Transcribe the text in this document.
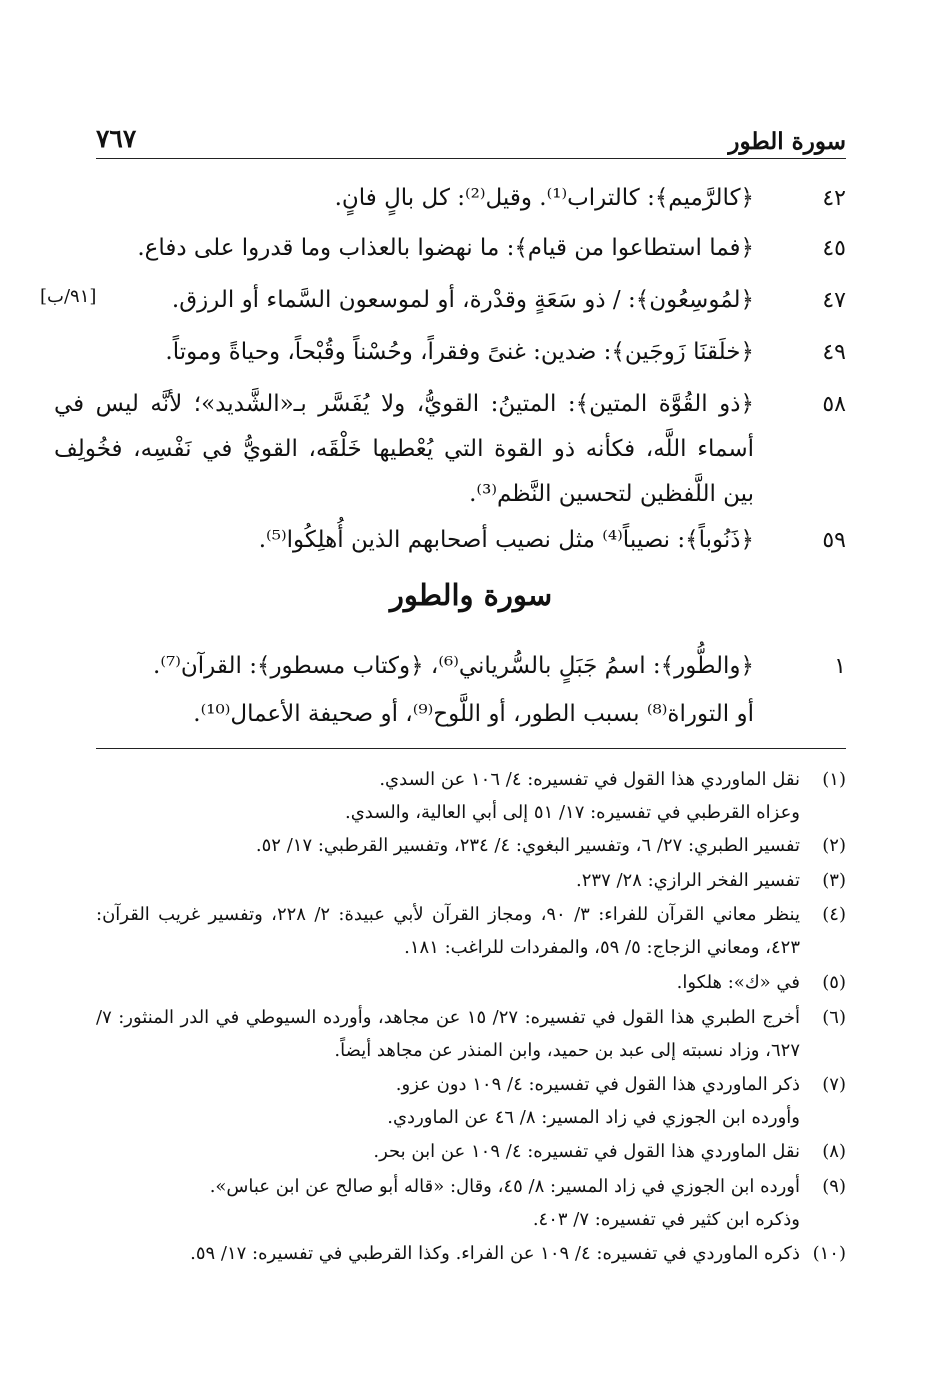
سورة الطور
٧٦٧
٤٢
﴿كالرَّميم﴾: كالتراب⁽¹⁾. وقيل⁽²⁾: كل بالٍ فانٍ.
٤٥
﴿فما استطاعوا من قيام﴾: ما نهضوا بالعذاب وما قدروا على دفاع.
٤٧
﴿لمُوسِعُون﴾: / ذو سَعَةٍ وقدْرة، أو لموسعون السَّماء أو الرزق.
[٩١/ب]
٤٩
﴿خلَقنَا زَوجَين﴾: ضدين: غنىً وفقراً، وحُسْناً وقُبْحاً، وحياةً وموتاً.
٥٨
﴿ذو القُوَّة المتين﴾: المتينُ: القويُّ، ولا يُفَسَّر بـ«الشَّديد»؛ لأنَّه ليس في أسماء اللَّه، فكأنه ذو القوة التي يُعْطيها خَلْقَه، القويُّ في نَفْسِه، فخُولِف بين اللَّفظين لتحسين النَّظم⁽³⁾.
٥٩
﴿ذَنُوباً﴾: نصيباً⁽⁴⁾ مثل نصيب أصحابهم الذين أُهلِكُوا⁽⁵⁾.
سورة والطور
١
﴿والطُّور﴾: اسمُ جَبَلٍ بالسُّرياني⁽⁶⁾، ﴿وكتاب مسطور﴾: القرآن⁽⁷⁾.
أو التوراة⁽⁸⁾ بسبب الطور، أو اللَّوح⁽⁹⁾، أو صحيفة الأعمال⁽¹⁰⁾.
(١)
نقل الماوردي هذا القول في تفسيره: ٤/ ١٠٦ عن السدي.
وعزاه القرطبي في تفسيره: ١٧/ ٥١ إلى أبي العالية، والسدي.
(٢)
تفسير الطبري: ٢٧/ ٦، وتفسير البغوي: ٤/ ٢٣٤، وتفسير القرطبي: ١٧/ ٥٢.
(٣)
تفسير الفخر الرازي: ٢٨/ ٢٣٧.
(٤)
ينظر معاني القرآن للفراء: ٣/ ٩٠، ومجاز القرآن لأبي عبيدة: ٢/ ٢٢٨، وتفسير غريب القرآن: ٤٢٣، ومعاني الزجاج: ٥/ ٥٩، والمفردات للراغب: ١٨١.
(٥)
في «ك»: هلكوا.
(٦)
أخرج الطبري هذا القول في تفسيره: ٢٧/ ١٥ عن مجاهد، وأورده السيوطي في الدر المنثور: ٧/ ٦٢٧، وزاد نسبته إلى عبد بن حميد، وابن المنذر عن مجاهد أيضاً.
(٧)
ذكر الماوردي هذا القول في تفسيره: ٤/ ١٠٩ دون عزو.
وأورده ابن الجوزي في زاد المسير: ٨/ ٤٦ عن الماوردي.
(٨)
نقل الماوردي هذا القول في تفسيره: ٤/ ١٠٩ عن ابن بحر.
(٩)
أورده ابن الجوزي في زاد المسير: ٨/ ٤٥، وقال: «قاله أبو صالح عن ابن عباس».
وذكره ابن كثير في تفسيره: ٧/ ٤٠٣.
(١٠)
ذكره الماوردي في تفسيره: ٤/ ١٠٩ عن الفراء. وكذا القرطبي في تفسيره: ١٧/ ٥٩.
